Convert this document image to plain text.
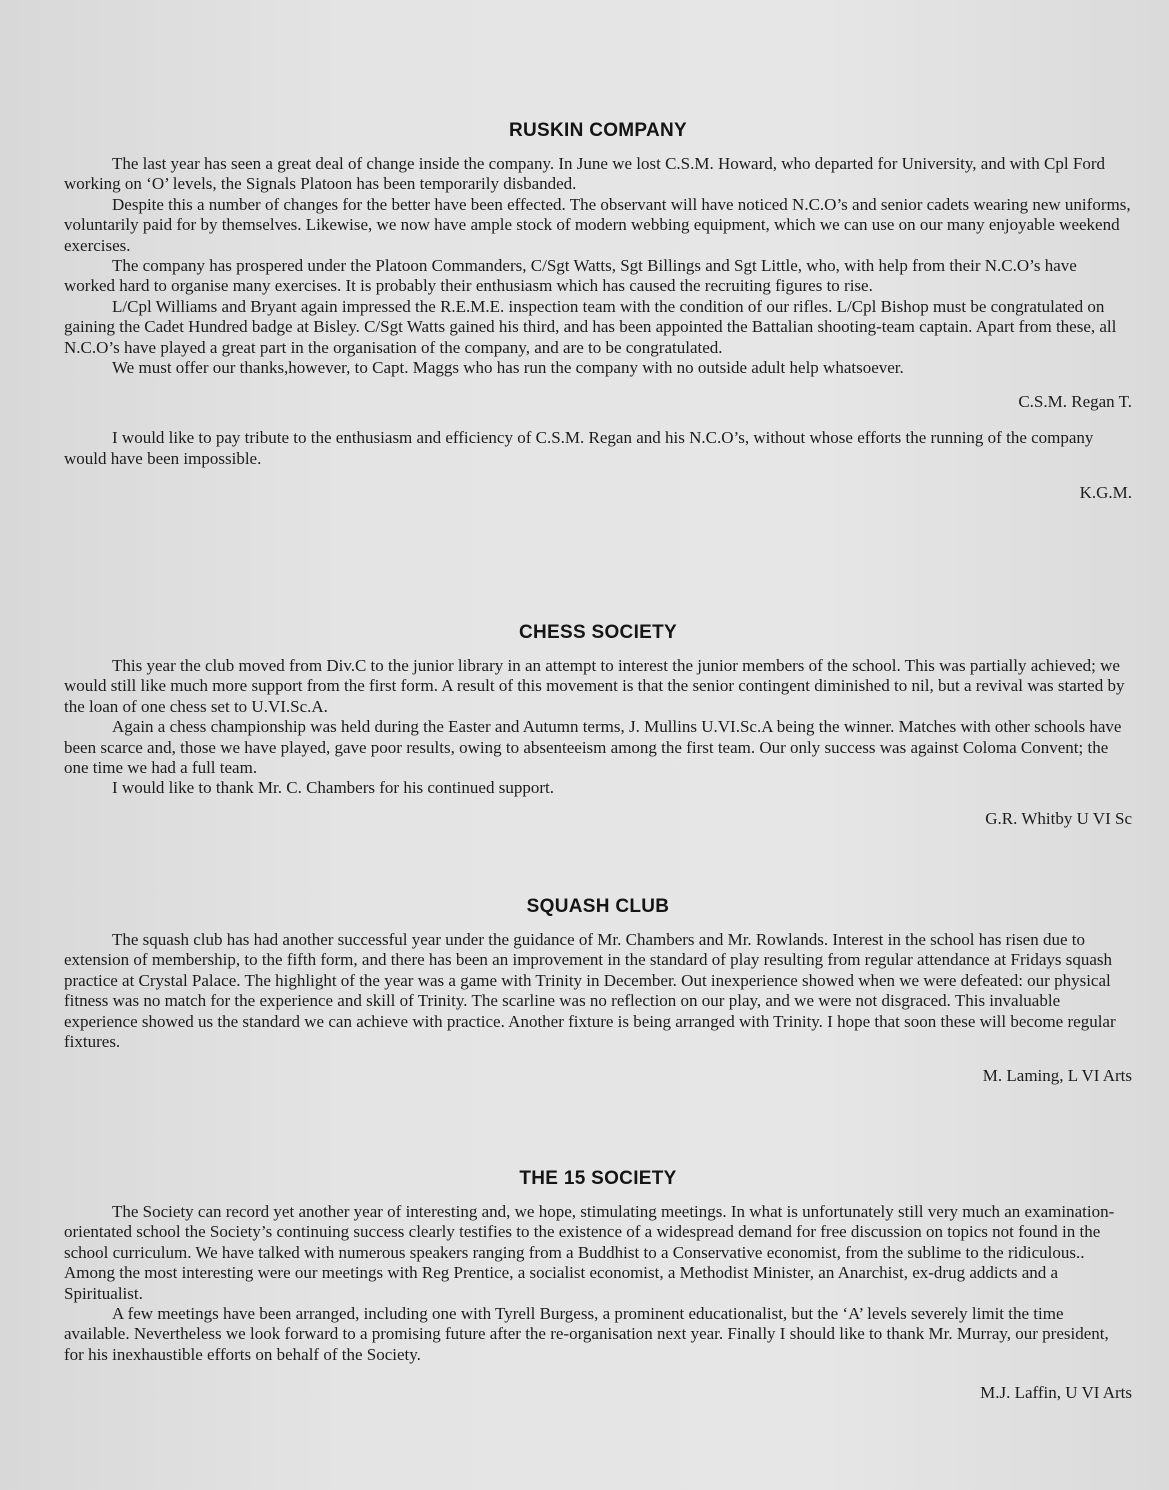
RUSKIN COMPANY

The last year has seen a great deal of change inside the company. In June we lost C.S.M. Howard, who departed for University, and with Cpl Ford working on ‘O’ levels, the Signals Platoon has been temporarily disbanded.

Despite this a number of changes for the better have been effected. The observant will have noticed N.C.O’s and senior cadets wearing new uniforms, voluntarily paid for by themselves. Likewise, we now have ample stock of modern webbing equipment, which we can use on our many enjoyable weekend exercises.

The company has prospered under the Platoon Commanders, C/Sgt Watts, Sgt Billings and Sgt Little, who, with help from their N.C.O’s have worked hard to organise many exercises. It is probably their enthusiasm which has caused the recruiting figures to rise.

L/Cpl Williams and Bryant again impressed the R.E.M.E. inspection team with the condition of our rifles. L/Cpl Bishop must be congratulated on gaining the Cadet Hundred badge at Bisley. C/Sgt Watts gained his third, and has been appointed the Battalian shooting-team captain. Apart from these, all N.C.O’s have played a great part in the organisation of the company, and are to be congratulated.

We must offer our thanks,however, to Capt. Maggs who has run the company with no outside adult help whatsoever.

C.S.M. Regan T.

I would like to pay tribute to the enthusiasm and efficiency of C.S.M. Regan and his N.C.O’s, without whose efforts the running of the company would have been impossible.

K.G.M.

CHESS SOCIETY

This year the club moved from Div.C to the junior library in an attempt to interest the junior members of the school. This was partially achieved; we would still like much more support from the first form. A result of this movement is that the senior contingent diminished to nil, but a revival was started by the loan of one chess set to U.VI.Sc.A.

Again a chess championship was held during the Easter and Autumn terms, J. Mullins U.VI.Sc.A being the winner. Matches with other schools have been scarce and, those we have played, gave poor results, owing to absenteeism among the first team. Our only success was against Coloma Convent; the one time we had a full team.

I would like to thank Mr. C. Chambers for his continued support.

G.R. Whitby U VI Sc

SQUASH CLUB

The squash club has had another successful year under the guidance of Mr. Chambers and Mr. Rowlands. Interest in the school has risen due to extension of membership, to the fifth form, and there has been an improvement in the standard of play resulting from regular attendance at Fridays squash practice at Crystal Palace. The highlight of the year was a game with Trinity in December. Out inexperience showed when we were defeated: our physical fitness was no match for the experience and skill of Trinity. The scarline was no reflection on our play, and we were not disgraced. This invaluable experience showed us the standard we can achieve with practice. Another fixture is being arranged with Trinity. I hope that soon these will become regular fixtures.

M. Laming, L VI Arts

THE 15 SOCIETY

The Society can record yet another year of interesting and, we hope, stimulating meetings. In what is unfortunately still very much an examination-orientated school the Society’s continuing success clearly testifies to the existence of a widespread demand for free discussion on topics not found in the school curriculum. We have talked with numerous speakers ranging from a Buddhist to a Conservative economist, from the sublime to the ridiculous.. Among the most interesting were our meetings with Reg Prentice, a socialist economist, a Methodist Minister, an Anarchist, ex-drug addicts and a Spiritualist.

A few meetings have been arranged, including one with Tyrell Burgess, a prominent educationalist, but the ‘A’ levels severely limit the time available. Nevertheless we look forward to a promising future after the re-organisation next year. Finally I should like to thank Mr. Murray, our president, for his inexhaustible efforts on behalf of the Society.

M.J. Laffin, U VI Arts
